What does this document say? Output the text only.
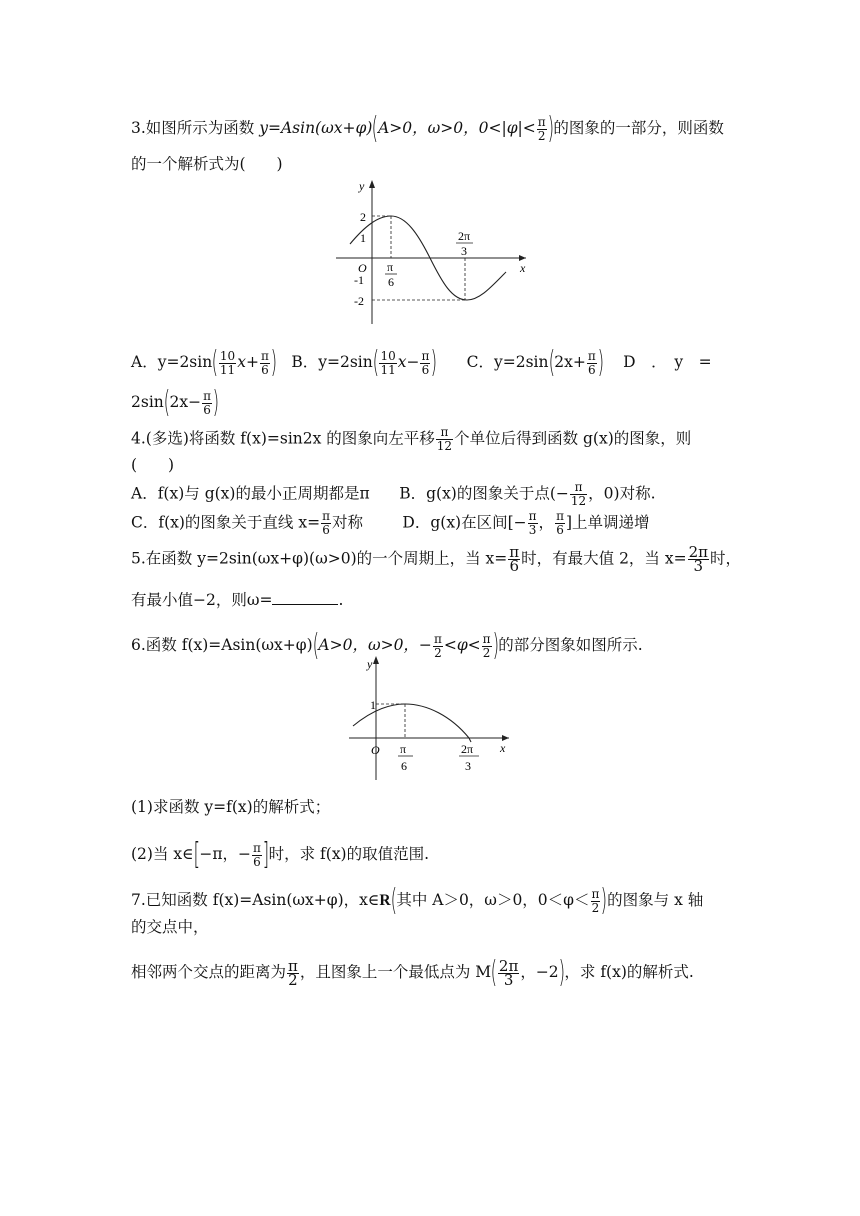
3.如图所示为函数 y=Asin(ωx+φ)(A>0，ω>0，$0<|\varphi|< \frac{\pi}{2}$ )的图象的一部分，则函数
的一个解析式为(　　)
y
x
O
2
1
-1
-2
π
6
2π
3
A．$y=2\sin( \frac{10}{11} x+ \frac{\pi}{6}$ ) B．$y=2\sin( \frac{10}{11} x- \frac{\pi}{6}$ ) C．$y=2\sin(2x+ \frac{\pi}{6}$ ) D　．　y　=
$2\sin(2x- \frac{\pi}{6}$ )
4.(多选)将函数 f(x)=sin2x 的图象向左平移 $\frac{\pi}{12}$ 个单位后得到函数 g(x)的图象，则
(　　)
A．f(x)与 g(x)的最小正周期都是π B．g(x)的图象关于点(− $\frac{\pi}{12}$ ，0)对称.
C．f(x)的图象关于直线 $x= \frac{\pi}{6}$ 对称	D．g(x)在区间[− $\frac{\pi}{3}$ ， $\frac{\pi}{6}$ ]上单调递增
5.在函数 y=2sin(ωx+φ)(ω>0)的一个周期上，当 $x= \frac{\pi}{6}$ 时，有最大值 2，当 $x= \frac{2\pi}{3}$ 时，
有最小值−2，则ω=	.
6.函数 f(x)=Asin(ωx+φ)(A>0，ω>0，− $\frac{\pi}{2} <\varphi< \frac{\pi}{2}$ )的部分图象如图所示.
y
x
O
1
π
6
2π
3
(1)求函数 y=f(x)的解析式；
(2)当 x∈[−π，− $\frac{\pi}{6}$ ]时，求 f(x)的取值范围.
7.已知函数 f(x)=Asin(ωx+φ)，x∈R(其中 A＞0，ω＞0，$0<\varphi< \frac{\pi}{2}$ )的图象与 x 轴
的交点中，
相邻两个交点的距离为 $\frac{\pi}{2}$ ，且图象上一个最低点为 $M( \frac{2\pi}{3}$ ，−2)，求 f(x)的解析式.
